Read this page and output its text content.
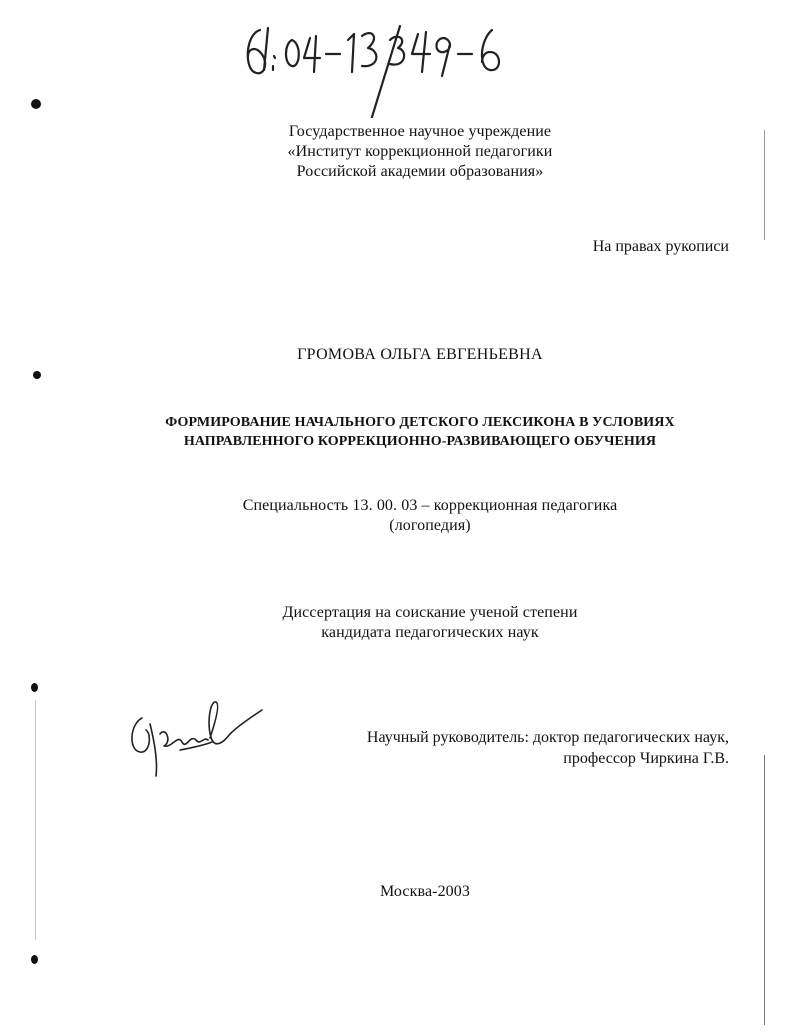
Государственное научное учреждение
«Институт коррекционной педагогики
Российской академии образования»
На правах рукописи
ГРОМОВА ОЛЬГА ЕВГЕНЬЕВНА
ФОРМИРОВАНИЕ НАЧАЛЬНОГО ДЕТСКОГО ЛЕКСИКОНА В УСЛОВИЯХ
НАПРАВЛЕННОГО КОРРЕКЦИОННО-РАЗВИВАЮЩЕГО ОБУЧЕНИЯ
Специальность 13. 00. 03 – коррекционная педагогика
(логопедия)
Диссертация на соискание ученой степени
кандидата педагогических наук
Научный руководитель: доктор педагогических наук,
профессор Чиркина Г.В.
Москва-2003
